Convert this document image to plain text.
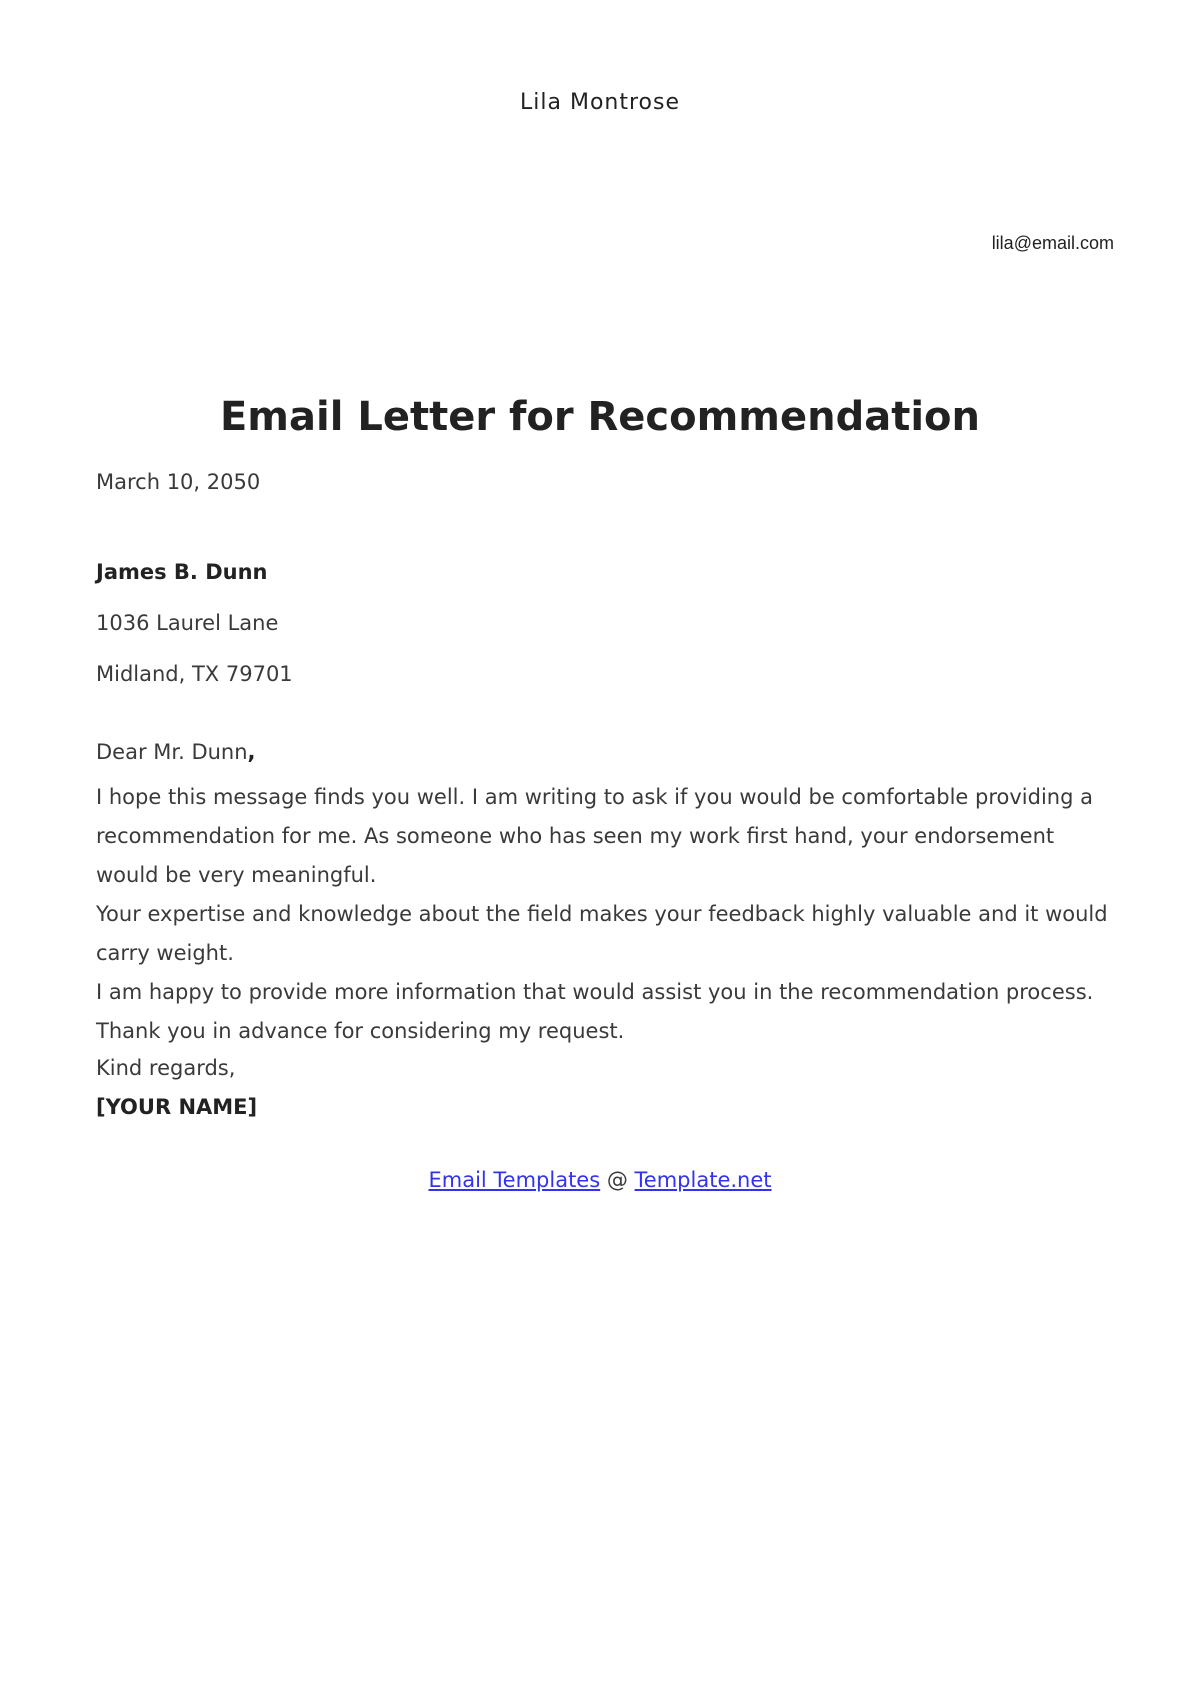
Lila Montrose
lila@email.com
Email Letter for Recommendation
March 10, 2050
James B. Dunn
1036 Laurel Lane
Midland, TX 79701
Dear Mr. Dunn,

I hope this message finds you well. I am writing to ask if you would be comfortable providing a recommendation for me. As someone who has seen my work first hand, your endorsement would be very meaningful.

Your expertise and knowledge about the field makes your feedback highly valuable and it would carry weight.

I am happy to provide more information that would assist you in the recommendation process.

Thank you in advance for considering my request.

Kind regards,

[YOUR NAME]

Email Templates @ Template.net
